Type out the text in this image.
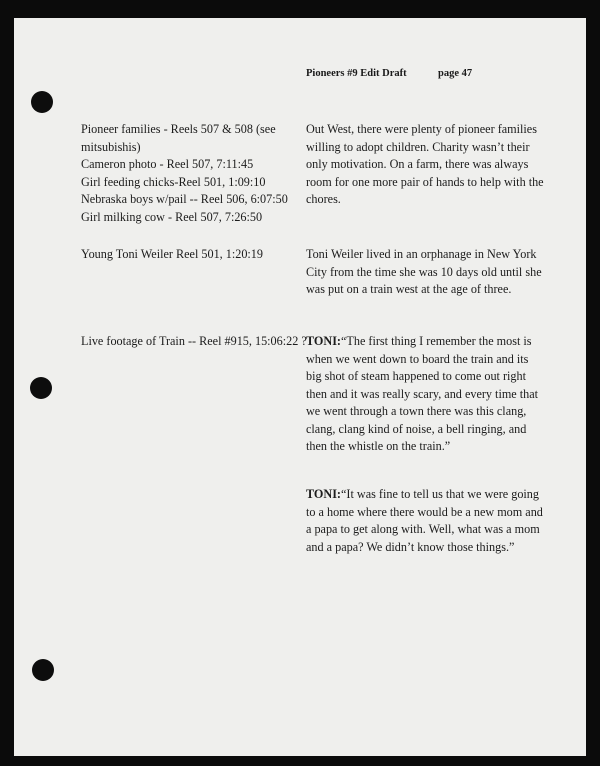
Pioneers #9 Edit Draft	page 47
Pioneer families - Reels 507 & 508 (see
mitsubishis)
Cameron photo - Reel 507, 7:11:45
Girl feeding chicks-Reel 501, 1:09:10
Nebraska boys w/pail -- Reel 506, 6:07:50
Girl milking cow - Reel 507, 7:26:50
Out West, there were plenty of pioneer families
willing to adopt children. Charity wasn’t their
only motivation. On a farm, there was always
room for one more pair of hands to help with the
chores.
Young Toni Weiler Reel 501, 1:20:19	Toni Weiler lived in an orphanage in New York
City from the time she was 10 days old until she
was put on a train west at the age of three.
Live footage of Train -- Reel #915, 15:06:22 ? TONI:“The first thing I remember the most is
when we went down to board the train and its
big shot of steam happened to come out right
then and it was really scary, and every time that
we went through a town there was this clang,
clang, clang kind of noise, a bell ringing, and
then the whistle on the train.”
TONI:“It was fine to tell us that we were going
to a home where there would be a new mom and
a papa to get along with. Well, what was a mom
and a papa? We didn’t know those things.”
